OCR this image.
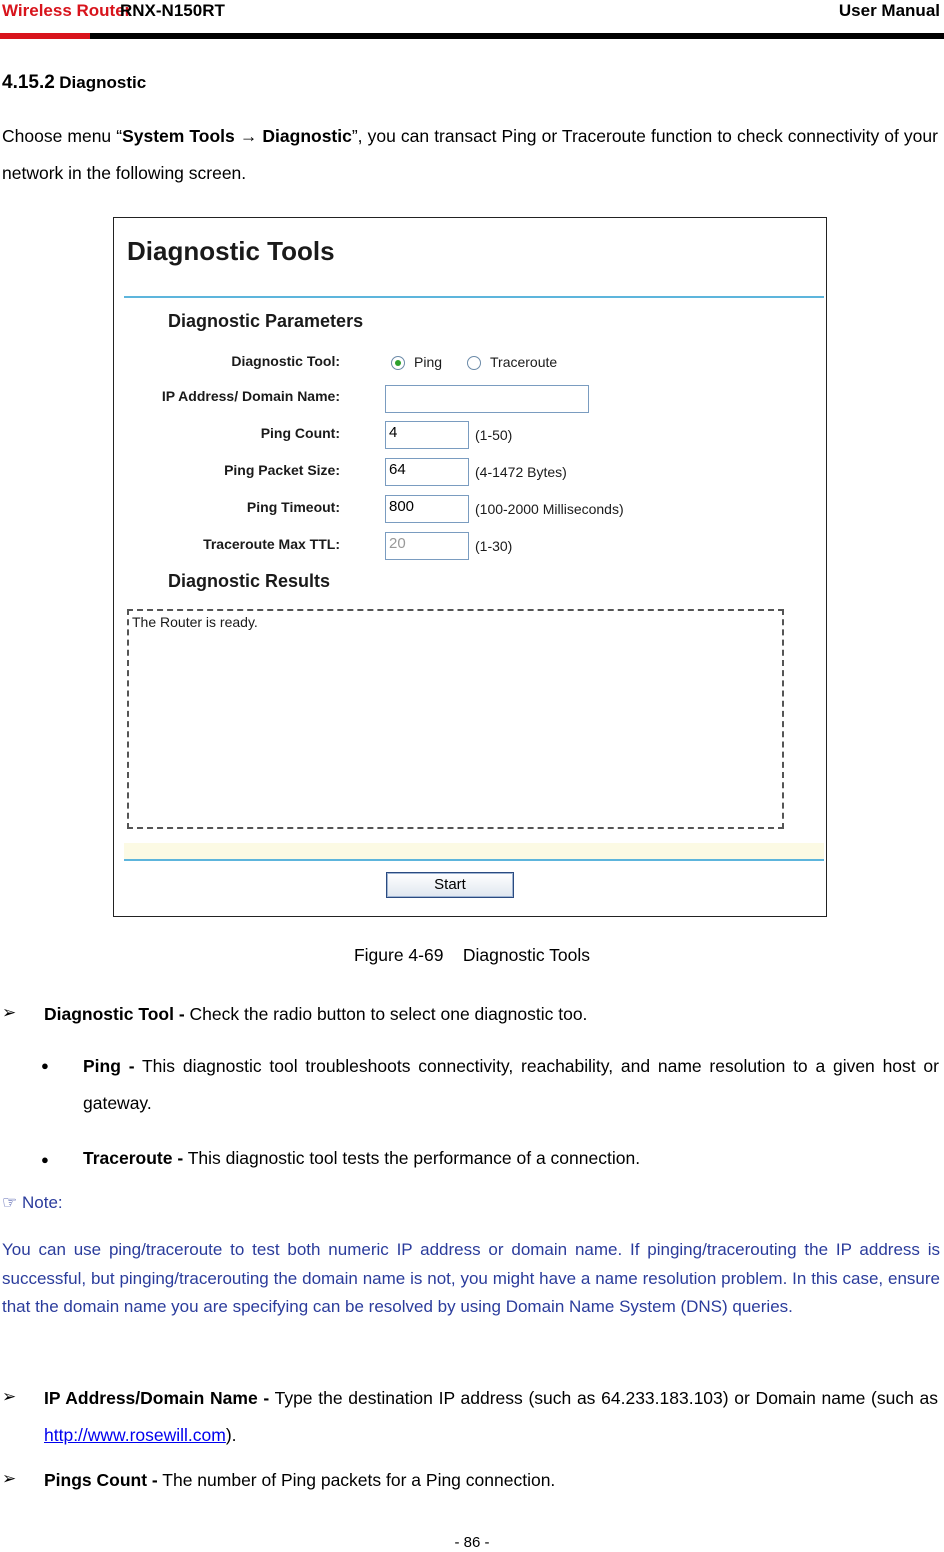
Wireless Router
RNX-N150RT	User Manual
4.15.2 Diagnostic
Choose menu “System Tools → Diagnostic”, you can transact Ping or Traceroute function to check connectivity of your network in the following screen.
Diagnostic Tools
Diagnostic Parameters
Diagnostic Tool:	Ping	Traceroute
IP Address/ Domain Name:
Ping Count:	4	(1-50)
Ping Packet Size:	64	(4-1472 Bytes)
Ping Timeout:	800	(100-2000 Milliseconds)
Traceroute Max TTL:	20	(1-30)
Diagnostic Results
The Router is ready.
Start
Figure 4-69    Diagnostic Tools
➢ Diagnostic Tool - Check the radio button to select one diagnostic too.
● Ping - This diagnostic tool troubleshoots connectivity, reachability, and name resolution to a given host or gateway.
● Traceroute - This diagnostic tool tests the performance of a connection.
☞ Note:
You can use ping/traceroute to test both numeric IP address or domain name. If pinging/tracerouting the IP address is successful, but pinging/tracerouting the domain name is not, you might have a name resolution problem. In this case, ensure that the domain name you are specifying can be resolved by using Domain Name System (DNS) queries.
➢ IP Address/Domain Name - Type the destination IP address (such as 64.233.183.103) or Domain name (such as http://www.rosewill.com).
➢ Pings Count - The number of Ping packets for a Ping connection.
- 86 -
